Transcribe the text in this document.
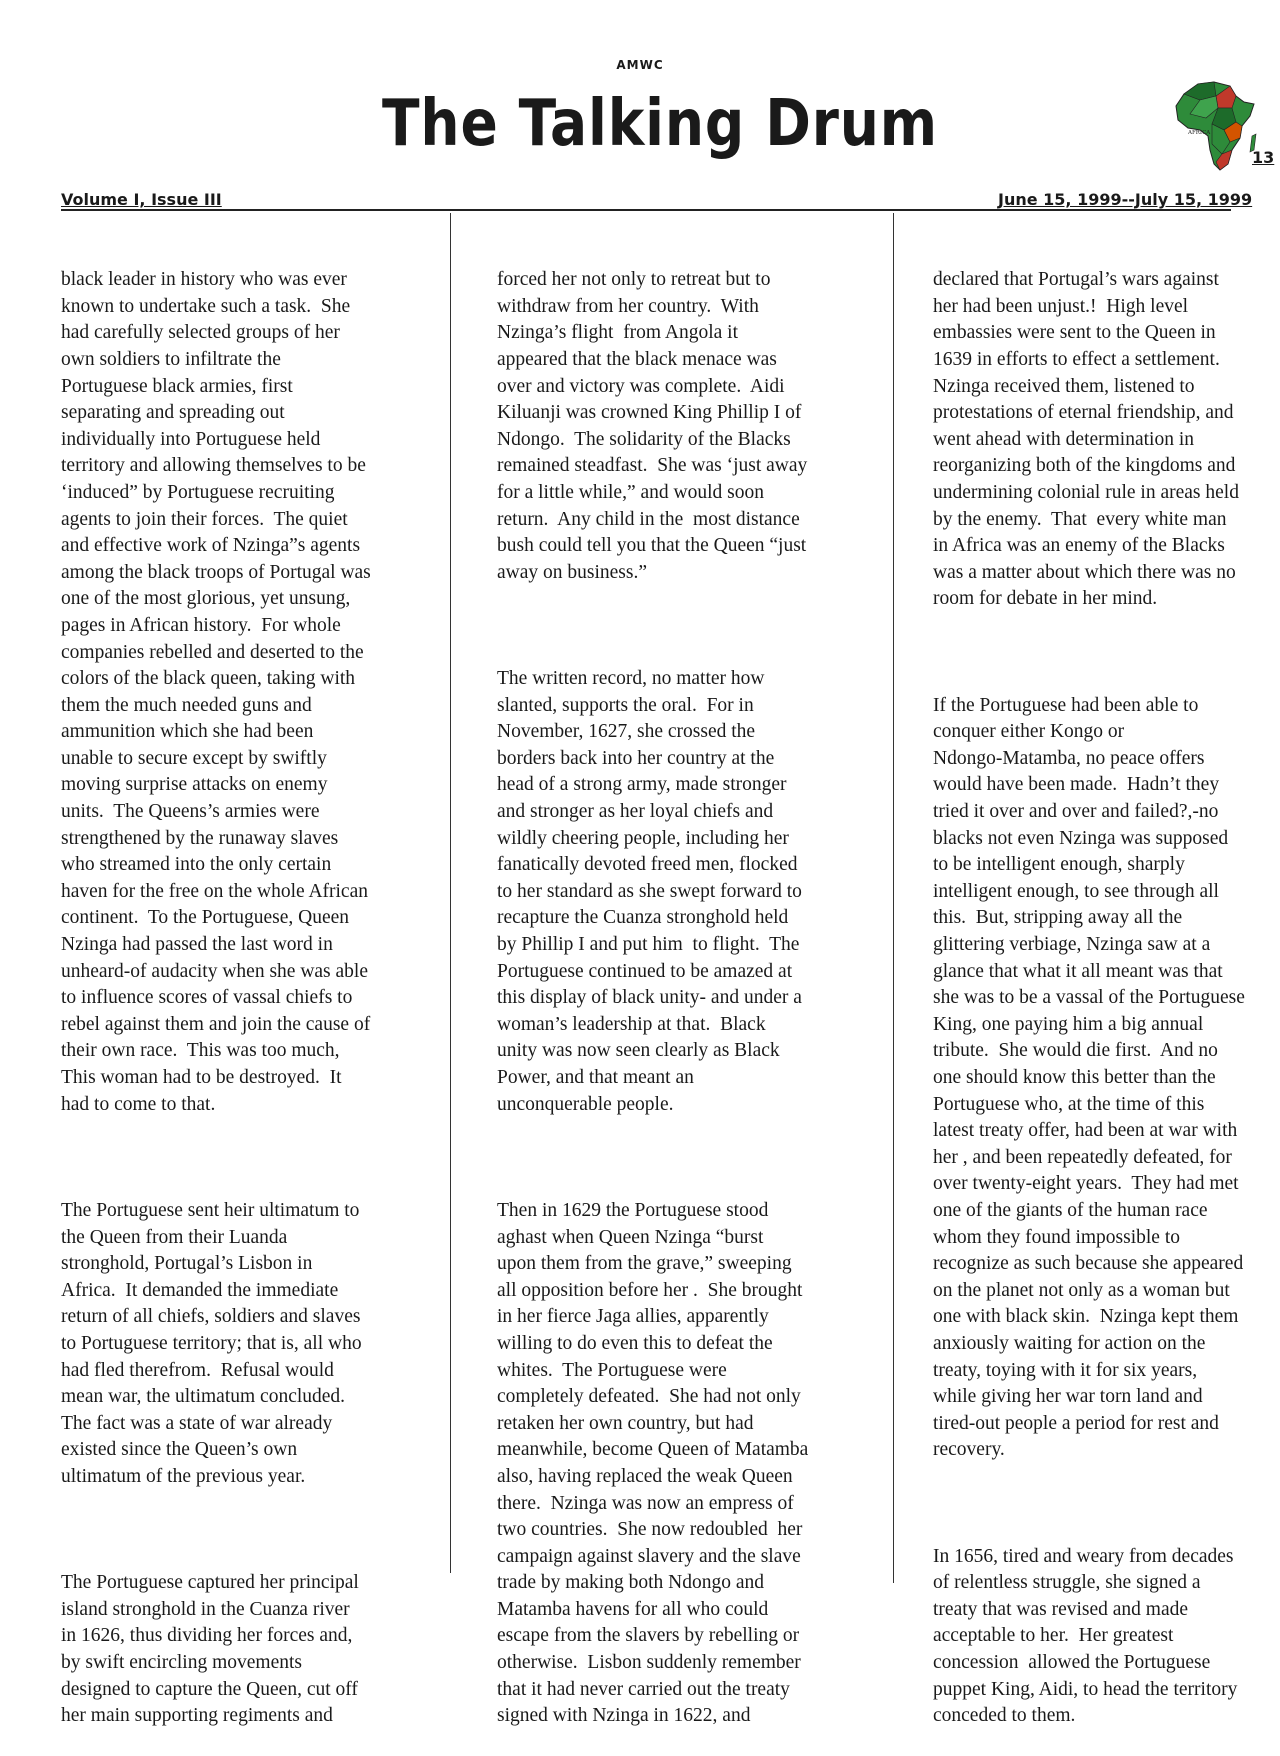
AMWC
The Talking Drum	AFRICA
13
Volume I, Issue III	June 15, 1999--July 15, 1999

black leader in history who was ever
known to undertake such a task.  She
had carefully selected groups of her
own soldiers to infiltrate the
Portuguese black armies, first
separating and spreading out
individually into Portuguese held
territory and allowing themselves to be
‘induced” by Portuguese recruiting
agents to join their forces.  The quiet
and effective work of Nzinga”s agents
among the black troops of Portugal was
one of the most glorious, yet unsung,
pages in African history.  For whole
companies rebelled and deserted to the
colors of the black queen, taking with
them the much needed guns and
ammunition which she had been
unable to secure except by swiftly
moving surprise attacks on enemy
units.  The Queens’s armies were
strengthened by the runaway slaves
who streamed into the only certain
haven for the free on the whole African
continent.  To the Portuguese, Queen
Nzinga had passed the last word in
unheard-of audacity when she was able
to influence scores of vassal chiefs to
rebel against them and join the cause of
their own race.  This was too much,
This woman had to be destroyed.  It
had to come to that.

The Portuguese sent heir ultimatum to
the Queen from their Luanda
stronghold, Portugal’s Lisbon in
Africa.  It demanded the immediate
return of all chiefs, soldiers and slaves
to Portuguese territory; that is, all who
had fled therefrom.  Refusal would
mean war, the ultimatum concluded.
The fact was a state of war already
existed since the Queen’s own
ultimatum of the previous year.

The Portuguese captured her principal
island stronghold in the Cuanza river
in 1626, thus dividing her forces and,
by swift encircling movements
designed to capture the Queen, cut off
her main supporting regiments and

forced her not only to retreat but to
withdraw from her country.  With
Nzinga’s flight  from Angola it
appeared that the black menace was
over and victory was complete.  Aidi
Kiluanji was crowned King Phillip I of
Ndongo.  The solidarity of the Blacks
remained steadfast.  She was ‘just away
for a little while,” and would soon
return.  Any child in the  most distance
bush could tell you that the Queen “just
away on business.”

The written record, no matter how
slanted, supports the oral.  For in
November, 1627, she crossed the
borders back into her country at the
head of a strong army, made stronger
and stronger as her loyal chiefs and
wildly cheering people, including her
fanatically devoted freed men, flocked
to her standard as she swept forward to
recapture the Cuanza stronghold held
by Phillip I and put him  to flight.  The
Portuguese continued to be amazed at
this display of black unity- and under a
woman’s leadership at that.  Black
unity was now seen clearly as Black
Power, and that meant an
unconquerable people.

Then in 1629 the Portuguese stood
aghast when Queen Nzinga “burst
upon them from the grave,” sweeping
all opposition before her .  She brought
in her fierce Jaga allies, apparently
willing to do even this to defeat the
whites.  The Portuguese were
completely defeated.  She had not only
retaken her own country, but had
meanwhile, become Queen of Matamba
also, having replaced the weak Queen
there.  Nzinga was now an empress of
two countries.  She now redoubled  her
campaign against slavery and the slave
trade by making both Ndongo and
Matamba havens for all who could
escape from the slavers by rebelling or
otherwise.  Lisbon suddenly remember
that it had never carried out the treaty
signed with Nzinga in 1622, and

declared that Portugal’s wars against
her had been unjust.!  High level
embassies were sent to the Queen in
1639 in efforts to effect a settlement.
Nzinga received them, listened to
protestations of eternal friendship, and
went ahead with determination in
reorganizing both of the kingdoms and
undermining colonial rule in areas held
by the enemy.  That  every white man
in Africa was an enemy of the Blacks
was a matter about which there was no
room for debate in her mind.

If the Portuguese had been able to
conquer either Kongo or
Ndongo-Matamba, no peace offers
would have been made.  Hadn’t they
tried it over and over and failed?,-no
blacks not even Nzinga was supposed
to be intelligent enough, sharply
intelligent enough, to see through all
this.  But, stripping away all the
glittering verbiage, Nzinga saw at a
glance that what it all meant was that
she was to be a vassal of the Portuguese
King, one paying him a big annual
tribute.  She would die first.  And no
one should know this better than the
Portuguese who, at the time of this
latest treaty offer, had been at war with
her , and been repeatedly defeated, for
over twenty-eight years.  They had met
one of the giants of the human race
whom they found impossible to
recognize as such because she appeared
on the planet not only as a woman but
one with black skin.  Nzinga kept them
anxiously waiting for action on the
treaty, toying with it for six years,
while giving her war torn land and
tired-out people a period for rest and
recovery.

In 1656, tired and weary from decades
of relentless struggle, she signed a
treaty that was revised and made
acceptable to her.  Her greatest
concession  allowed the Portuguese
puppet King, Aidi, to head the territory
conceded to them.
